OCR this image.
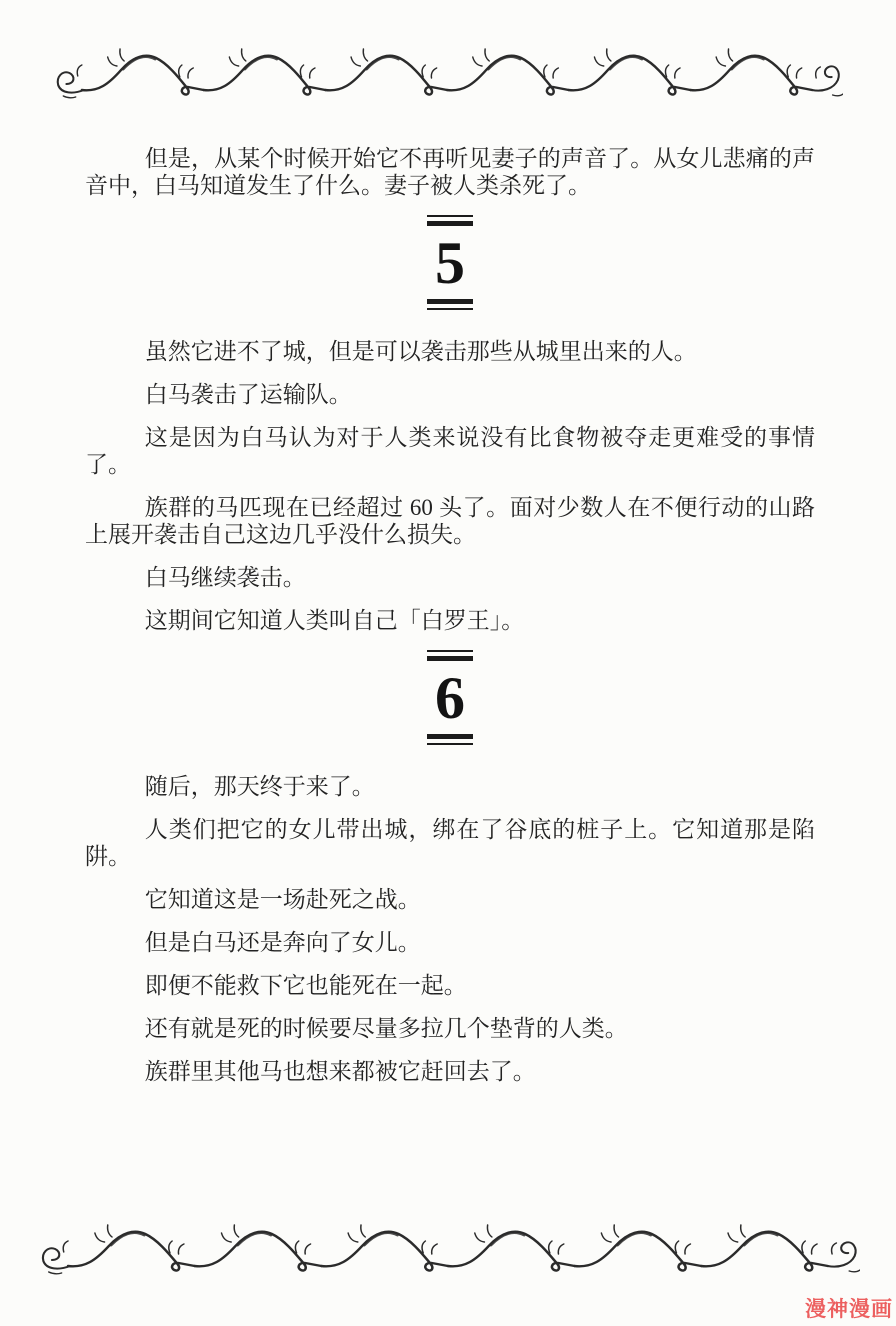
但是，从某个时候开始它不再听见妻子的声音了。从女儿悲痛的声音中，白马知道发生了什么。妻子被人类杀死了。

5

虽然它进不了城，但是可以袭击那些从城里出来的人。

白马袭击了运输队。

这是因为白马认为对于人类来说没有比食物被夺走更难受的事情了。

族群的马匹现在已经超过 60 头了。面对少数人在不便行动的山路上展开袭击自己这边几乎没什么损失。

白马继续袭击。

这期间它知道人类叫自己「白罗王」。

6

随后，那天终于来了。

人类们把它的女儿带出城，绑在了谷底的桩子上。它知道那是陷阱。

它知道这是一场赴死之战。

但是白马还是奔向了女儿。

即便不能救下它也能死在一起。

还有就是死的时候要尽量多拉几个垫背的人类。

族群里其他马也想来都被它赶回去了。

漫神漫画
